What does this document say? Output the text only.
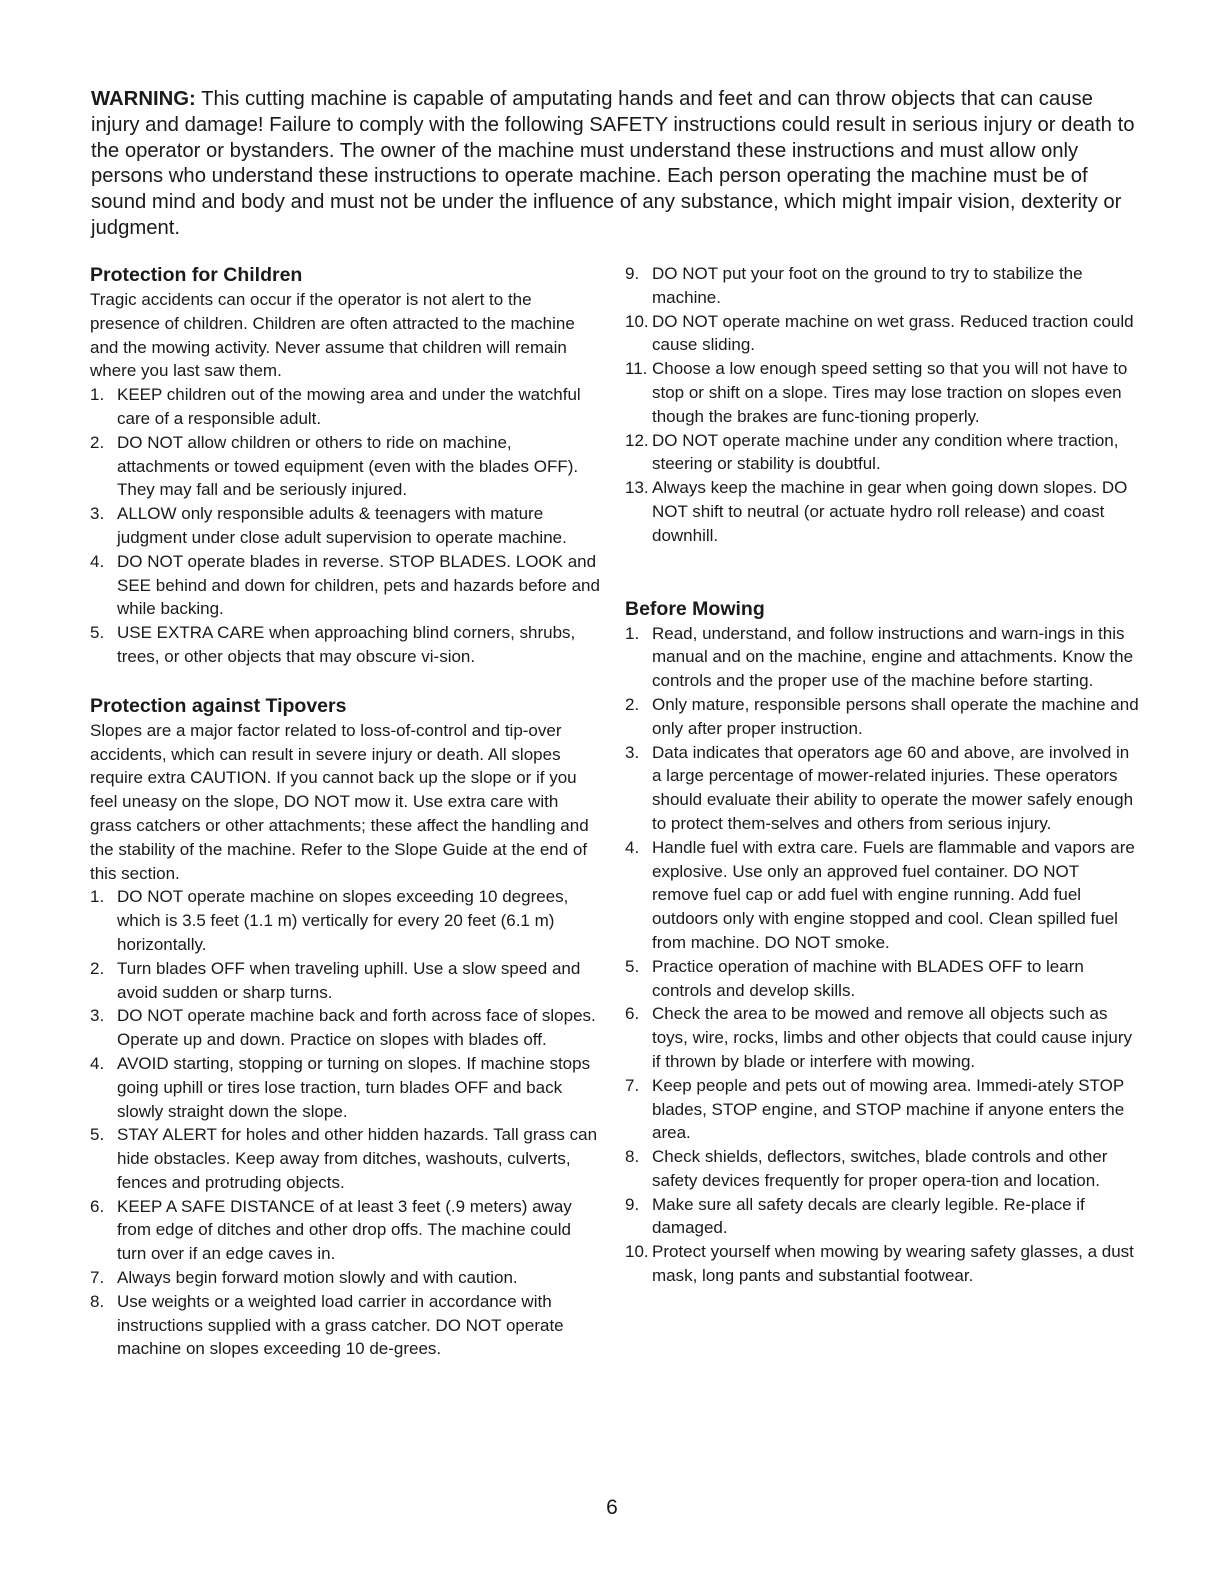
WARNING: This cutting machine is capable of amputating hands and feet and can throw objects that can cause injury and damage! Failure to comply with the following SAFETY instructions could result in serious injury or death to the operator or bystanders. The owner of the machine must understand these instructions and must allow only persons who understand these instructions to operate machine. Each person operating the machine must be of sound mind and body and must not be under the influence of any substance, which might impair vision, dexterity or judgment.
Protection for Children

Tragic accidents can occur if the operator is not alert to the presence of children. Children are often attracted to the machine and the mowing activity. Never assume that children will remain where you last saw them.

1. KEEP children out of the mowing area and under the watchful care of a responsible adult.
2. DO NOT allow children or others to ride on machine, attachments or towed equipment (even with the blades OFF). They may fall and be seriously injured.
3. ALLOW only responsible adults & teenagers with mature judgment under close adult supervision to operate machine.
4. DO NOT operate blades in reverse. STOP BLADES. LOOK and SEE behind and down for children, pets and hazards before and while backing.
5. USE EXTRA CARE when approaching blind corners, shrubs, trees, or other objects that may obscure vi-sion.
Protection against Tipovers

Slopes are a major factor related to loss-of-control and tip-over accidents, which can result in severe injury or death. All slopes require extra CAUTION. If you cannot back up the slope or if you feel uneasy on the slope, DO NOT mow it. Use extra care with grass catchers or other attachments; these affect the handling and the stability of the machine. Refer to the Slope Guide at the end of this section.

1. DO NOT operate machine on slopes exceeding 10 degrees, which is 3.5 feet (1.1 m) vertically for every 20 feet (6.1 m) horizontally.
2. Turn blades OFF when traveling uphill. Use a slow speed and avoid sudden or sharp turns.
3. DO NOT operate machine back and forth across face of slopes. Operate up and down. Practice on slopes with blades off.
4. AVOID starting, stopping or turning on slopes. If machine stops going uphill or tires lose traction, turn blades OFF and back slowly straight down the slope.
5. STAY ALERT for holes and other hidden hazards. Tall grass can hide obstacles. Keep away from ditches, washouts, culverts, fences and protruding objects.
6. KEEP A SAFE DISTANCE of at least 3 feet (.9 meters) away from edge of ditches and other drop offs. The machine could turn over if an edge caves in.
7. Always begin forward motion slowly and with caution.
8. Use weights or a weighted load carrier in accordance with instructions supplied with a grass catcher. DO NOT operate machine on slopes exceeding 10 de-grees.
9. DO NOT put your foot on the ground to try to stabilize the machine.
10. DO NOT operate machine on wet grass. Reduced traction could cause sliding.
11. Choose a low enough speed setting so that you will not have to stop or shift on a slope. Tires may lose traction on slopes even though the brakes are func-tioning properly.
12. DO NOT operate machine under any condition where traction, steering or stability is doubtful.
13. Always keep the machine in gear when going down slopes. DO NOT shift to neutral (or actuate hydro roll release) and coast downhill.
Before Mowing
1. Read, understand, and follow instructions and warn-ings in this manual and on the machine, engine and attachments. Know the controls and the proper use of the machine before starting.
2. Only mature, responsible persons shall operate the machine and only after proper instruction.
3. Data indicates that operators age 60 and above, are involved in a large percentage of mower-related injuries. These operators should evaluate their ability to operate the mower safely enough to protect them-selves and others from serious injury.
4. Handle fuel with extra care. Fuels are flammable and vapors are explosive. Use only an approved fuel container. DO NOT remove fuel cap or add fuel with engine running. Add fuel outdoors only with engine stopped and cool. Clean spilled fuel from machine. DO NOT smoke.
5. Practice operation of machine with BLADES OFF to learn controls and develop skills.
6. Check the area to be mowed and remove all objects such as toys, wire, rocks, limbs and other objects that could cause injury if thrown by blade or interfere with mowing.
7. Keep people and pets out of mowing area. Immedi-ately STOP blades, STOP engine, and STOP machine if anyone enters the area.
8. Check shields, deflectors, switches, blade controls and other safety devices frequently for proper opera-tion and location.
9. Make sure all safety decals are clearly legible. Re-place if damaged.
10. Protect yourself when mowing by wearing safety glasses, a dust mask, long pants and substantial footwear.
6
